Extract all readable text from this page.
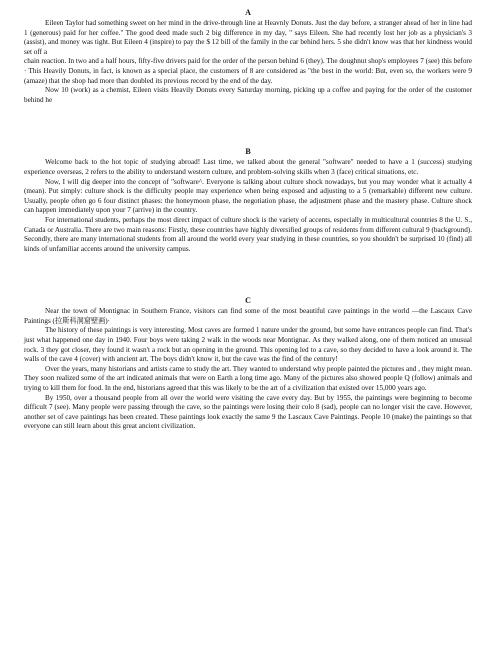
A

Eileen Taylor had something sweet on her mind in the drive-through line at Heavnly Donuts. Just the day before, a stranger ahead of her in line had 1 (generous) paid for her coffee." The good deed made such 2 big difference in my day, " says Eileen. She had recently lost her job as a physician's 3 (assist), and money was tight. But Eileen 4 (inspire) to pay the $ 12 bill of the family in the car behind hers. 5 she didn't know was that her kindness would set off a

chain reaction. In two and a half hours, fifty-five drivers paid for the order of the person behind 6 (they). The doughnut shop's employees 7 (see) this before · This Heavily Donuts, in fact, is known as a special place, the customers of 8 are considered as "the best in the world: But, even so, the workers were 9 (amaze) that the shop had more than doubled its previous record by the end of the day.

Now 10 (work) as a chemist, Eileen visits Heavily Donuts every Saturday morning, picking up a coffee and paying for the order of the customer behind he

B

Welcome back to the hot topic of studying abroad! Last time, we talked about the general "software" needed to have a 1 (success) studying experience overseas, 2 refers to the ability to understand western culture, and problem-solving skills when 3 (face) critical situations, etc.

Now, I will dig deeper into the concept of "software^. Everyone is talking about culture shock nowadays, but you may wonder what it actually 4 (mean). Put simply: culture shock is the difficulty people may experience when being exposed and adjusting to a 5 (remarkable) different new culture. Usually, people often go 6 four distinct phases: the honeymoon phase, the negotiation phase, the adjustment phase and the mastery phase. Culture shock can happen immediately upon your 7 (arrive) in the country.

For international students, perhaps the most direct impact of culture shock is the variety of accents, especially in multicultural countries 8 the U. S., Canada or Australia. There are two main reasons: Firstly, these countries have highly diversified groups of residents from different cultural 9 (background). Secondly, there are many international students from all around the world every year studying in these countries, so you shouldn't be surprised 10 (find) all kinds of unfamiliar accents around the university campus.

C

Near the town of Montignac in Southern France, visitors can find some of the most beautiful cave paintings in the world —the Lascaux Cave Paintings (拉斯科洞窟壁画)·

The history of these paintings is very interesting. Most caves are formed 1 nature under the ground, but some have entrances people can find. That's just what happened one day in 1940. Four boys were taking 2 walk in the woods near Montignac. As they walked along, one of them noticed an unusual rock. 3 they got closer, they found it wasn't a rock but an opening in the ground. This opening led to a cave, so they decided to have a look around it. The walls of the cave 4 (cover) with ancient art. The boys didn't know it, but the cave was the find of the century!

Over the years, many historians and artists came to study the art. They wanted to understand why people painted the pictures and , they might mean. They soon realized some of the art indicated animals that were on Earth a long time ago. Many of the pictures also showed people Q (follow) animals and trying to kill them for food. In the end, historians agreed that this was likely to be the art of a civilization that existed over 15,000 years ago.

By 1950, over a thousand people from all over the world were visiting the cave every day. But by 1955, the paintings were beginning to become difficult 7 (see). Many people were passing through the cave, so the paintings were losing their colo 8 (sad), people can no longer visit the cave. However, another set of cave paintings has been created. These paintings look exactly the same 9 the Lascaux Cave Paintings. People 10 (make) the paintings so that everyone can still learn about this great ancient civilization.
